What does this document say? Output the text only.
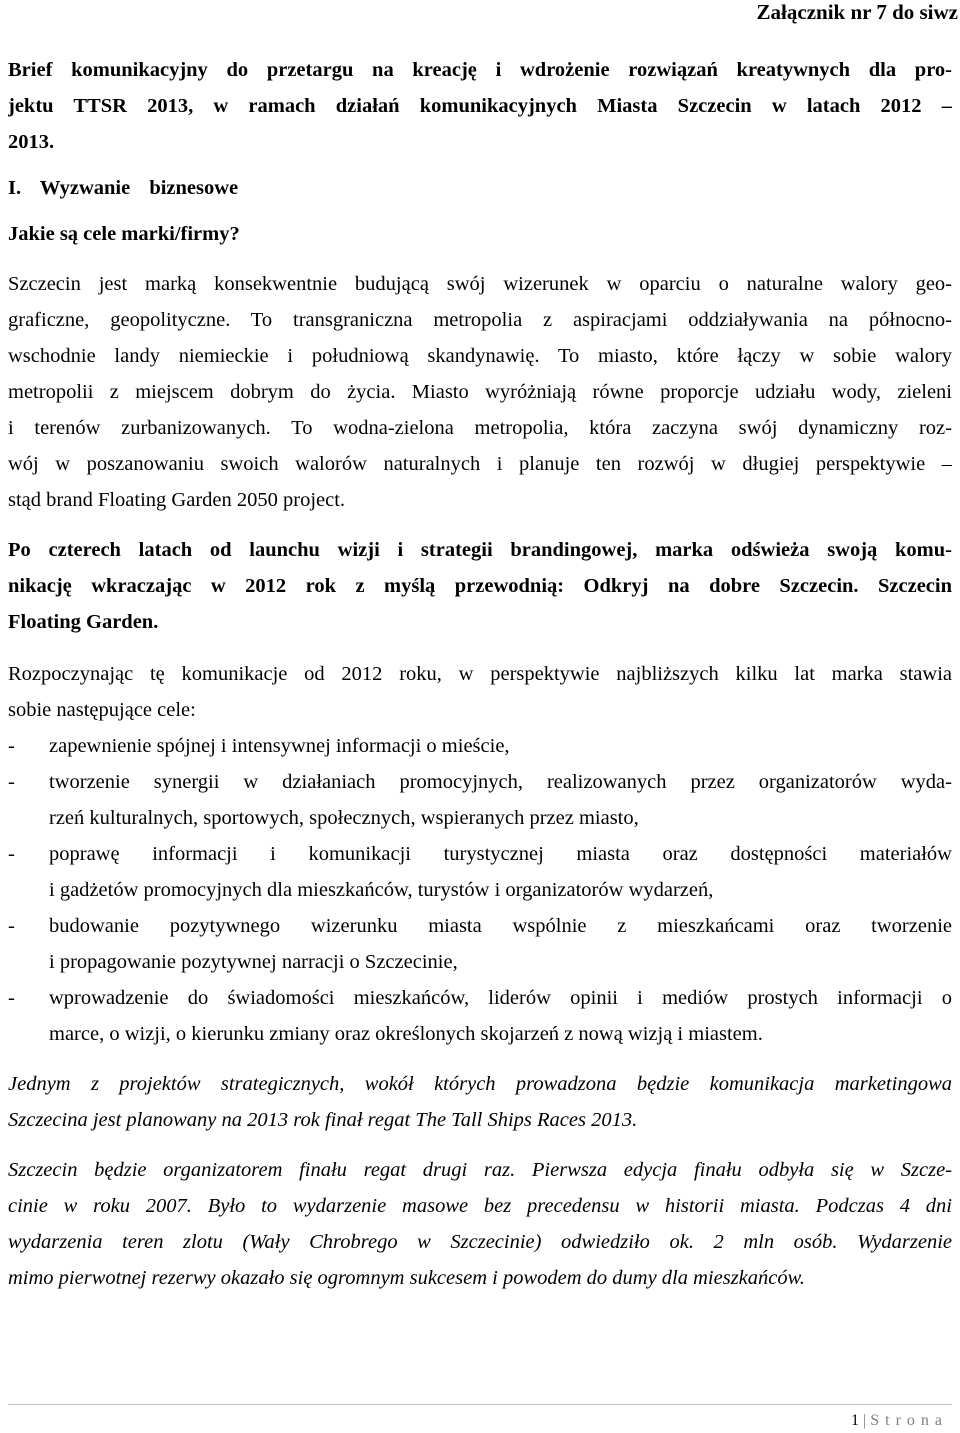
Załącznik nr 7 do siwz
Brief komunikacyjny do przetargu na kreację i wdrożenie rozwiązań kreatywnych dla pro-
jektu TTSR 2013, w ramach działań komunikacyjnych Miasta Szczecin w latach 2012 –
2013.
I. Wyzwanie biznesowe
Jakie są cele marki/firmy?
Szczecin jest marką konsekwentnie budującą swój wizerunek w oparciu o naturalne walory geo-
graficzne, geopolityczne. To transgraniczna metropolia z aspiracjami oddziaływania na północno-
wschodnie landy niemieckie i południową skandynawię. To miasto, które łączy w sobie walory
metropolii z miejscem dobrym do życia. Miasto wyróżniają równe proporcje udziału wody, zieleni
i terenów zurbanizowanych. To wodna-zielona metropolia, która zaczyna swój dynamiczny roz-
wój w poszanowaniu swoich walorów naturalnych i planuje ten rozwój w długiej perspektywie –
stąd brand Floating Garden 2050 project.
Po czterech latach od launchu wizji i strategii brandingowej, marka odświeża swoją komu-
nikację wkraczając w 2012 rok z myślą przewodnią: Odkryj na dobre Szczecin. Szczecin
Floating Garden.
Rozpoczynając tę komunikacje od 2012 roku, w perspektywie najbliższych kilku lat marka stawia
sobie następujące cele:
- zapewnienie spójnej i intensywnej informacji o mieście,
- tworzenie synergii w działaniach promocyjnych, realizowanych przez organizatorów wyda-
rzeń kulturalnych, sportowych, społecznych, wspieranych przez miasto,
- poprawę informacji i komunikacji turystycznej miasta oraz dostępności materiałów
i gadżetów promocyjnych dla mieszkańców, turystów i organizatorów wydarzeń,
- budowanie pozytywnego wizerunku miasta wspólnie z mieszkańcami oraz tworzenie
i propagowanie pozytywnej narracji o Szczecinie,
- wprowadzenie do świadomości mieszkańców, liderów opinii i mediów prostych informacji o
marce, o wizji, o kierunku zmiany oraz określonych skojarzeń z nową wizją i miastem.
Jednym z projektów strategicznych, wokół których prowadzona będzie komunikacja marketingowa
Szczecina jest planowany na 2013 rok finał regat The Tall Ships Races 2013.
Szczecin będzie organizatorem finału regat drugi raz. Pierwsza edycja finału odbyła się w Szcze-
cinie w roku 2007. Było to wydarzenie masowe bez precedensu w historii miasta. Podczas 4 dni
wydarzenia teren zlotu (Wały Chrobrego w Szczecinie) odwiedziło ok. 2 mln osób. Wydarzenie
mimo pierwotnej rezerwy okazało się ogromnym sukcesem i powodem do dumy dla mieszkańców.
1 | Strona
